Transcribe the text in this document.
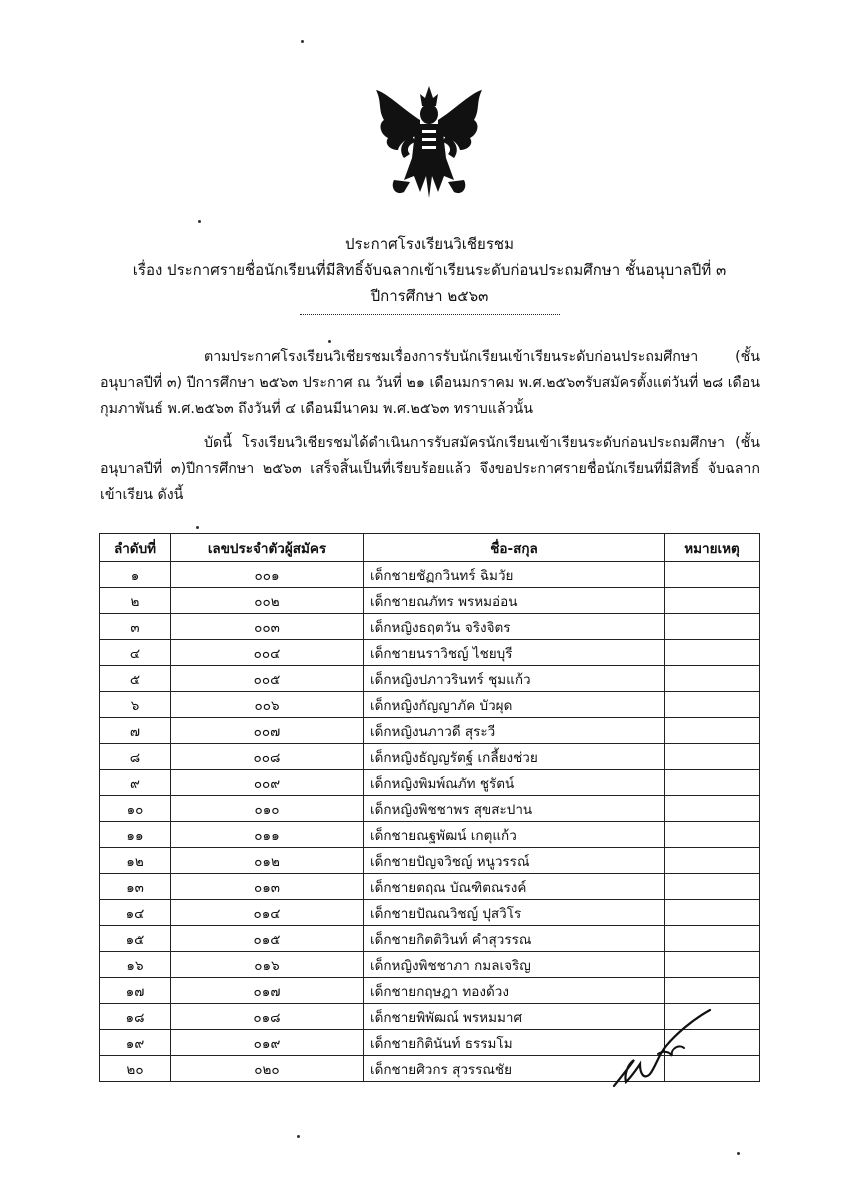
ประกาศโรงเรียนวิเชียรชม
เรื่อง ประกาศรายชื่อนักเรียนที่มีสิทธิ์จับฉลากเข้าเรียนระดับก่อนประถมศึกษา ชั้นอนุบาลปีที่ ๓
ปีการศึกษา ๒๕๖๓
ตามประกาศโรงเรียนวิเชียรชมเรื่องการรับนักเรียนเข้าเรียนระดับก่อนประถมศึกษา (ชั้นอนุบาลปีที่ ๓) ปีการศึกษา ๒๕๖๓ ประกาศ ณ วันที่ ๒๑ เดือนมกราคม พ.ศ.๒๕๖๓รับสมัครตั้งแต่วันที่ ๒๘ เดือนกุมภาพันธ์ พ.ศ.๒๕๖๓ ถึงวันที่ ๔ เดือนมีนาคม พ.ศ.๒๕๖๓ ทราบแล้วนั้น
บัดนี้ โรงเรียนวิเชียรชมได้ดำเนินการรับสมัครนักเรียนเข้าเรียนระดับก่อนประถมศึกษา (ชั้นอนุบาลปีที่ ๓)ปีการศึกษา ๒๕๖๓ เสร็จสิ้นเป็นที่เรียบร้อยแล้ว จึงขอประกาศรายชื่อนักเรียนที่มีสิทธิ์ จับฉลากเข้าเรียน ดังนี้
ลำดับที่	เลขประจำตัวผู้สมัคร	ชื่อ-สกุล	หมายเหตุ
๑	๐๐๑	เด็กชายชัฏกวินทร์ ฉิมวัย	
๒	๐๐๒	เด็กชายณภัทร พรหมอ่อน	
๓	๐๐๓	เด็กหญิงธฤตวัน จริงจิตร	
๔	๐๐๔	เด็กชายนราวิชญ์ ไชยบุรี	
๕	๐๐๕	เด็กหญิงปภาวรินทร์ ชุมแก้ว	
๖	๐๐๖	เด็กหญิงกัญญาภัค บัวผุด	
๗	๐๐๗	เด็กหญิงนภาวดี สุระวี	
๘	๐๐๘	เด็กหญิงธัญญรัตฐ์ เกลี้ยงช่วย	
๙	๐๐๙	เด็กหญิงพิมพ์ณภัท ชูรัตน์	
๑๐	๐๑๐	เด็กหญิงพิชชาพร สุขสะปาน	
๑๑	๐๑๑	เด็กชายณฐพัฒน์ เกตุแก้ว	
๑๒	๐๑๒	เด็กชายปัญจวิชญ์ หนูวรรณ์	
๑๓	๐๑๓	เด็กชายตฤณ บัณฑิตณรงค์	
๑๔	๐๑๔	เด็กชายปัณณวิชญ์ ปุสวิโร	
๑๕	๐๑๕	เด็กชายกิตติวินท์ คำสุวรรณ	
๑๖	๐๑๖	เด็กหญิงพิชชาภา กมลเจริญ	
๑๗	๐๑๗	เด็กชายกฤษฎา ทองด้วง	
๑๘	๐๑๘	เด็กชายพิพัฒณ์ พรหมมาศ	
๑๙	๐๑๙	เด็กชายกิตินันท์ ธรรมโม	
๒๐	๐๒๐	เด็กชายศิวกร สุวรรณชัย	
